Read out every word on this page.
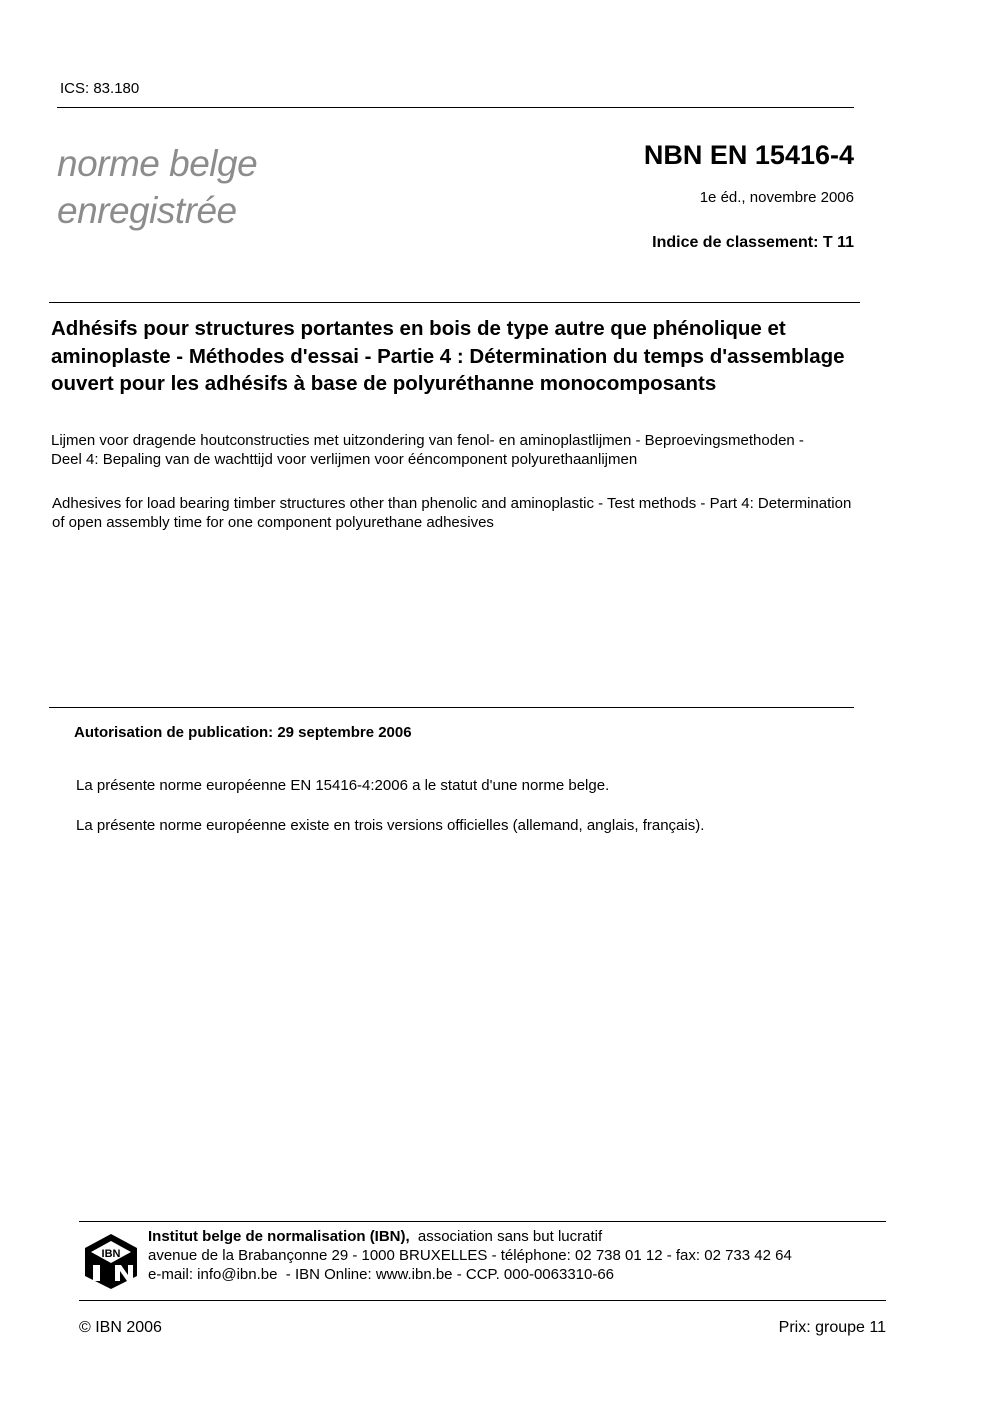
ICS: 83.180
norme belge
enregistrée
NBN EN 15416-4
1e éd., novembre 2006
Indice de classement: T 11
Adhésifs pour structures portantes en bois de type autre que phénolique et aminoplaste - Méthodes d'essai - Partie 4 : Détermination du temps d'assemblage ouvert pour les adhésifs à base de polyuréthanne monocomposants
Lijmen voor dragende houtconstructies met uitzondering van fenol- en aminoplastlijmen - Beproevingsmethoden - Deel 4: Bepaling van de wachttijd voor verlijmen voor ééncomponent polyurethaanlijmen
Adhesives for load bearing timber structures other than phenolic and aminoplastic - Test methods - Part 4: Determination of open assembly time for one component polyurethane adhesives
Autorisation de publication: 29 septembre 2006
La présente norme européenne EN 15416-4:2006 a le statut d'une norme belge.
La présente norme européenne existe en trois versions officielles (allemand, anglais, français).
IBN
Institut belge de normalisation (IBN), association sans but lucratif
avenue de la Brabançonne 29 - 1000 BRUXELLES - téléphone: 02 738 01 12 - fax: 02 733 42 64
e-mail: info@ibn.be  - IBN Online: www.ibn.be - CCP. 000-0063310-66
© IBN 2006	Prix: groupe 11
